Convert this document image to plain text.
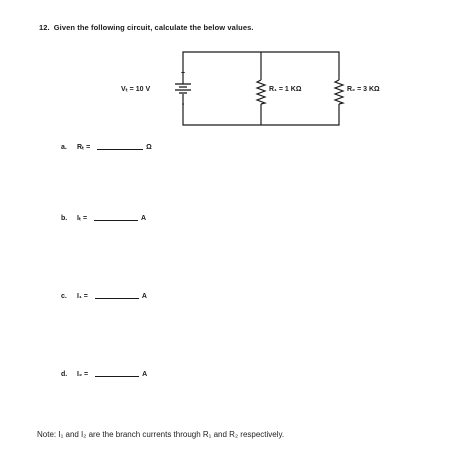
12. Given the following circuit, calculate the below values.
+
-
Vₜ = 10 V	R₁ = 1 KΩ	R₂ = 3 KΩ
a.	Rₜ =	Ω
b.	Iₜ =	A
c.	I₁ =	A
d.	I₂ =	A
Note: I₁ and I₂ are the branch currents through R₁ and R₂ respectively.
